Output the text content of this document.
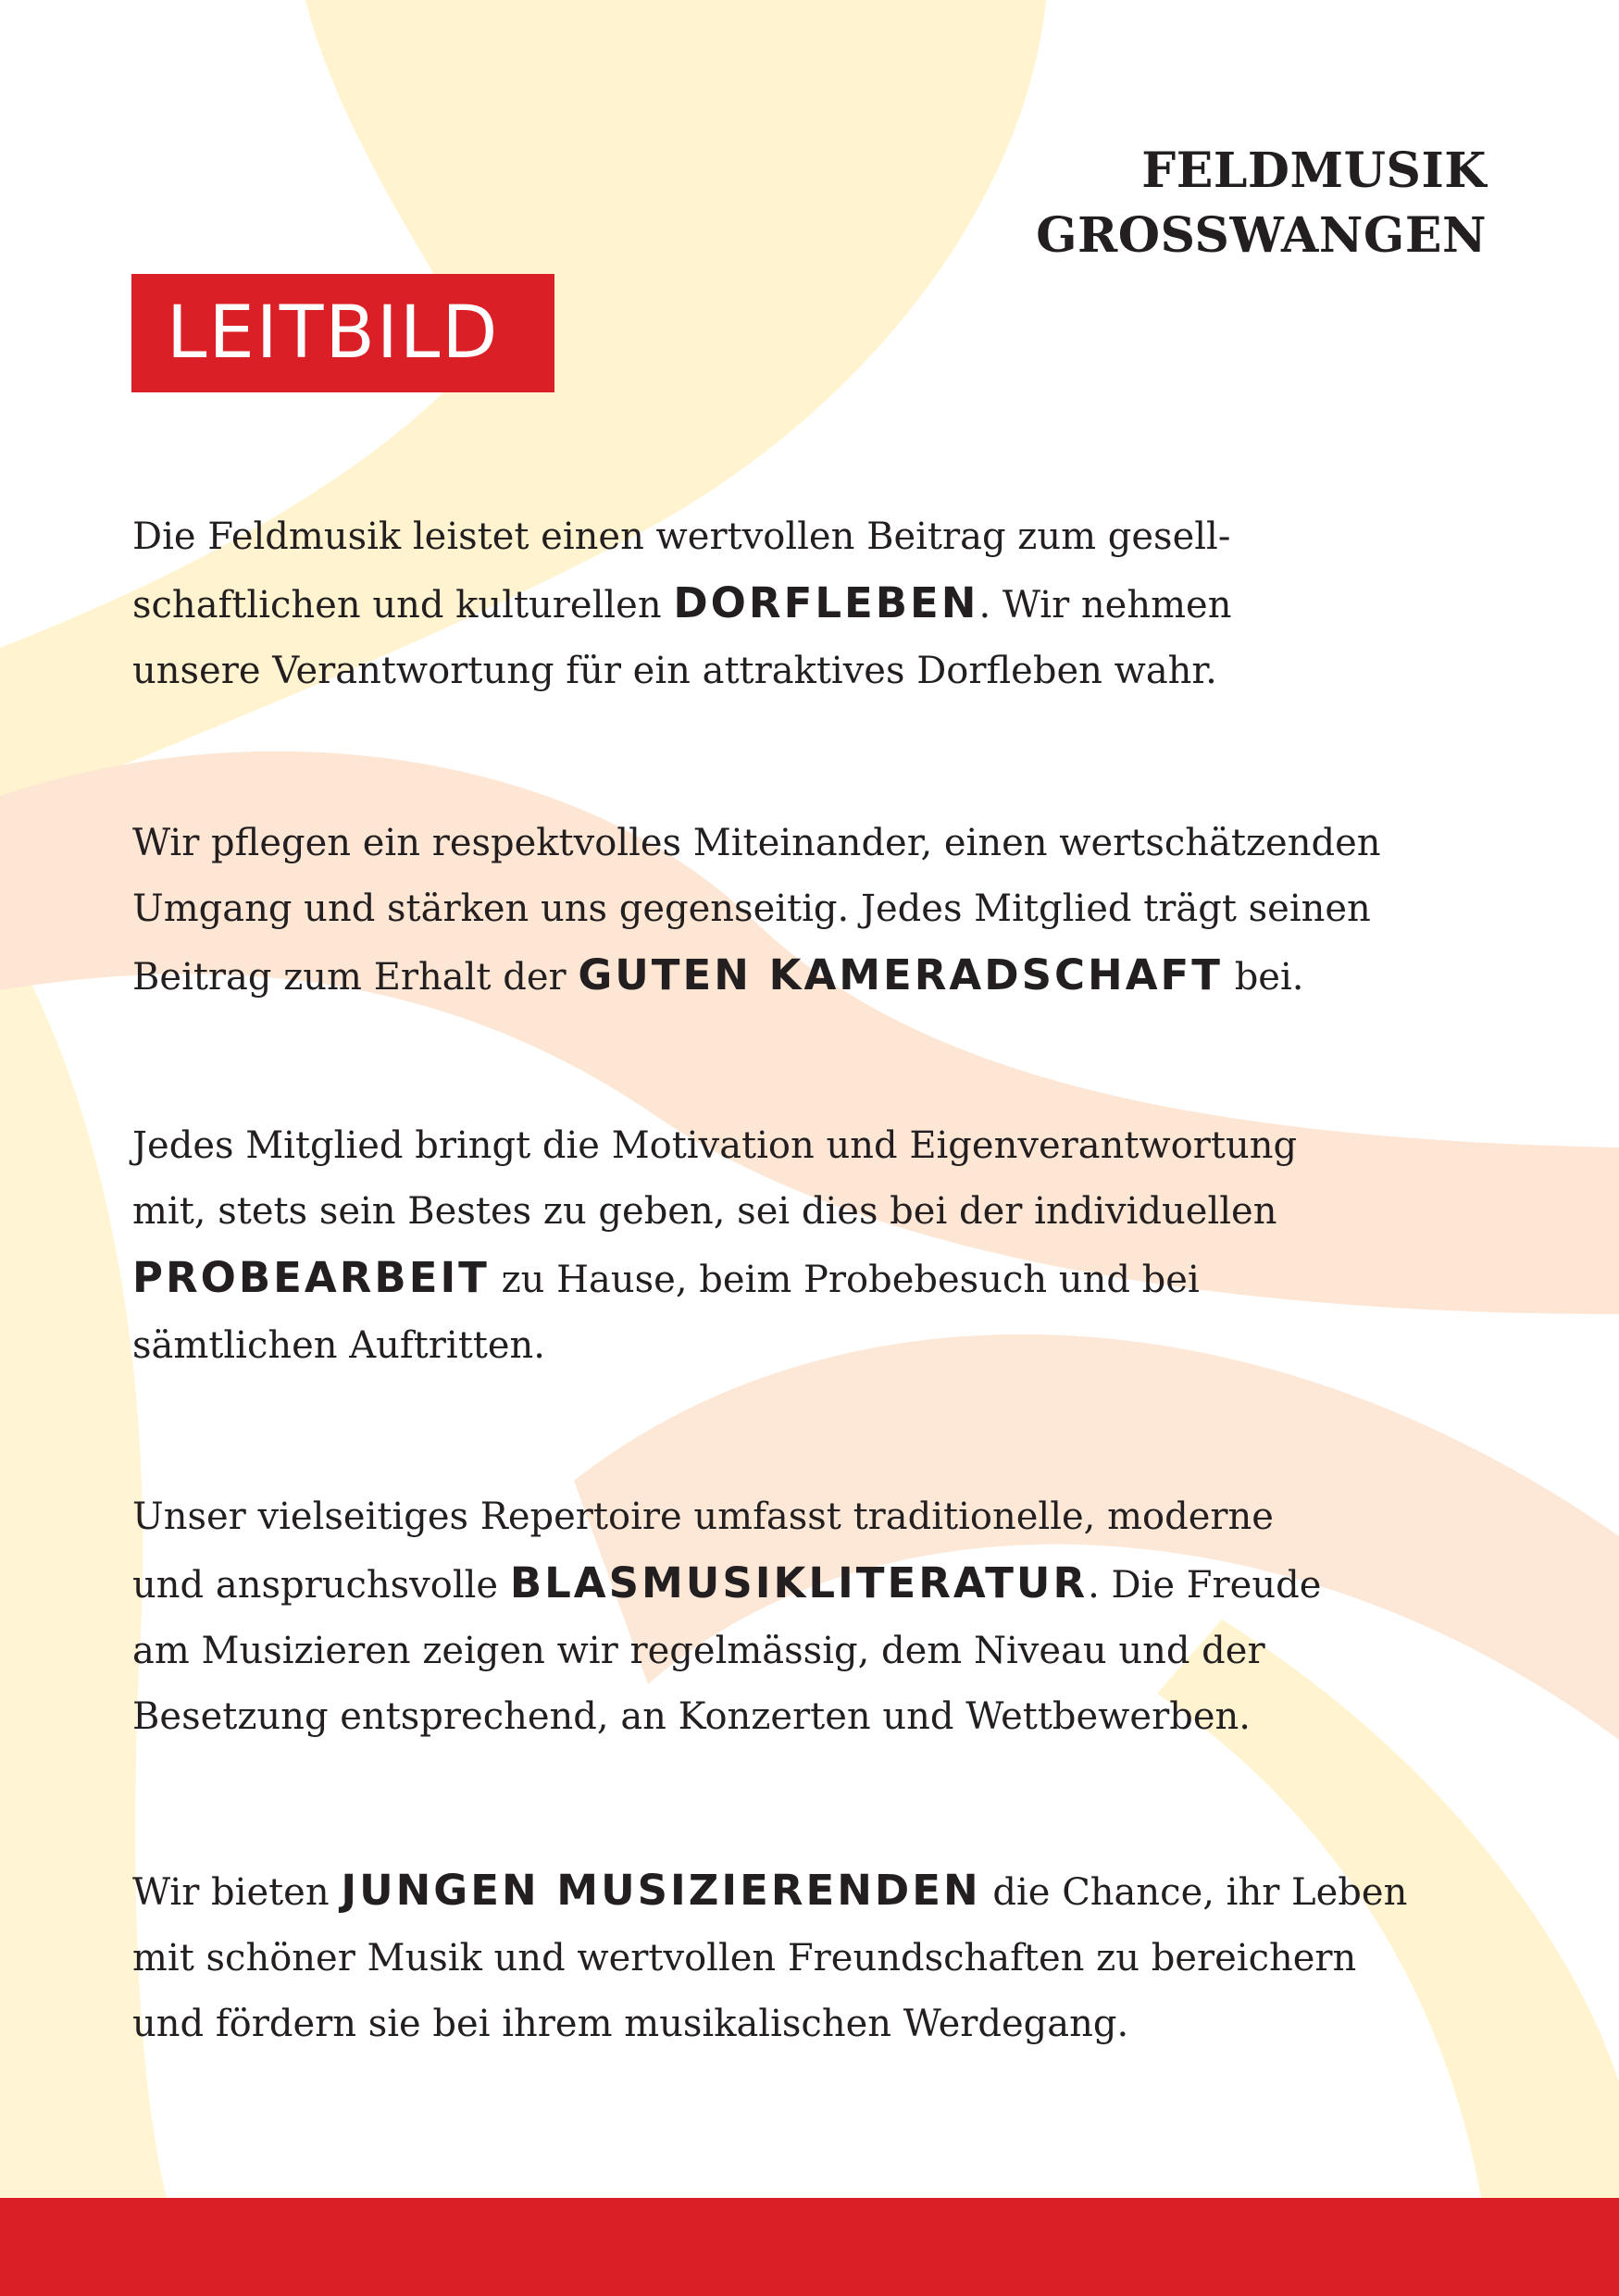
FELDMUSIK
GROSSWANGEN
LEITBILD

Die Feldmusik leistet einen wertvollen Beitrag zum gesell-
schaftlichen und kulturellen DORFLEBEN. Wir nehmen
unsere Verantwortung für ein attraktives Dorfleben wahr.

Wir pflegen ein respektvolles Miteinander, einen wertschätzenden
Umgang und stärken uns gegenseitig. Jedes Mitglied trägt seinen
Beitrag zum Erhalt der GUTEN KAMERADSCHAFT bei.

Jedes Mitglied bringt die Motivation und Eigenverantwortung
mit, stets sein Bestes zu geben, sei dies bei der individuellen
PROBEARBEIT zu Hause, beim Probebesuch und bei
sämtlichen Auftritten.

Unser vielseitiges Repertoire umfasst traditionelle, moderne
und anspruchsvolle BLASMUSIKLITERATUR. Die Freude
am Musizieren zeigen wir regelmässig, dem Niveau und der
Besetzung entsprechend, an Konzerten und Wettbewerben.

Wir bieten JUNGEN MUSIZIERENDEN die Chance, ihr Leben
mit schöner Musik und wertvollen Freundschaften zu bereichern
und fördern sie bei ihrem musikalischen Werdegang.
